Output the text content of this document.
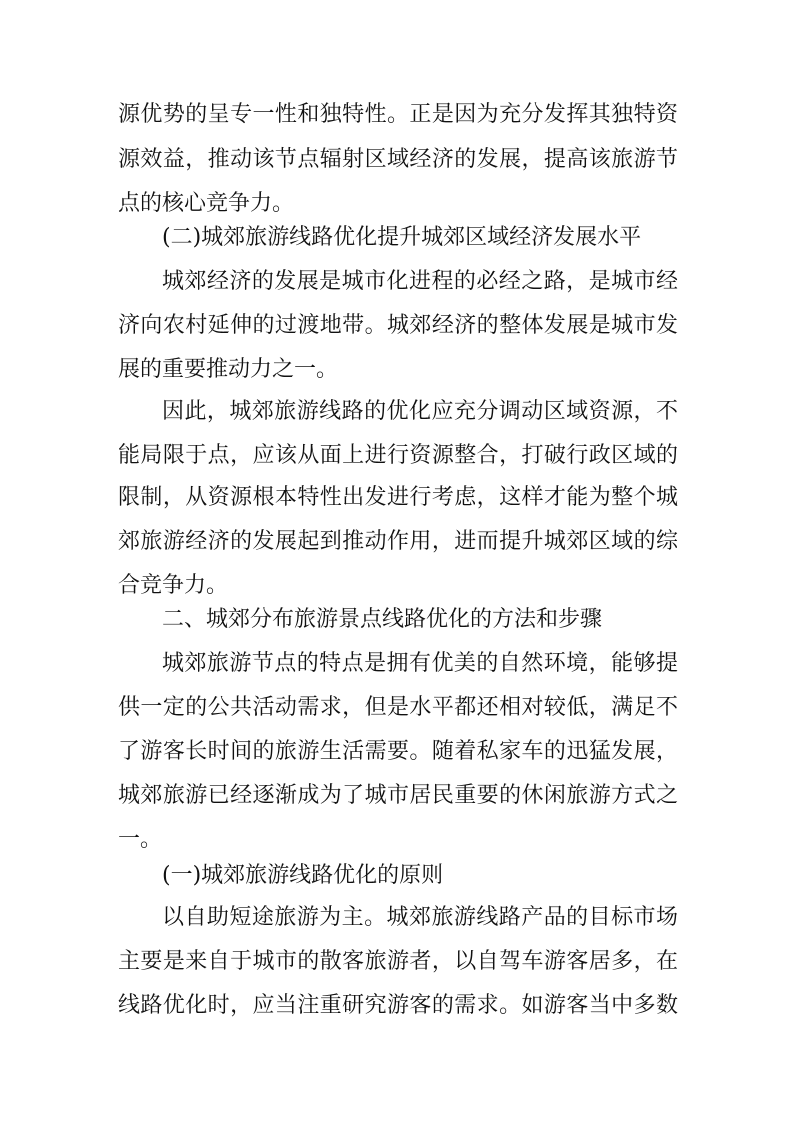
源优势的呈专一性和独特性。正是因为充分发挥其独特资
源效益，推动该节点辐射区域经济的发展，提高该旅游节
点的核心竞争力。
(二)城郊旅游线路优化提升城郊区域经济发展水平
城郊经济的发展是城市化进程的必经之路，是城市经
济向农村延伸的过渡地带。城郊经济的整体发展是城市发
展的重要推动力之一。
因此，城郊旅游线路的优化应充分调动区域资源，不
能局限于点，应该从面上进行资源整合，打破行政区域的
限制，从资源根本特性出发进行考虑，这样才能为整个城
郊旅游经济的发展起到推动作用，进而提升城郊区域的综
合竞争力。
二、城郊分布旅游景点线路优化的方法和步骤
城郊旅游节点的特点是拥有优美的自然环境，能够提
供一定的公共活动需求，但是水平都还相对较低，满足不
了游客长时间的旅游生活需要。随着私家车的迅猛发展，
城郊旅游已经逐渐成为了城市居民重要的休闲旅游方式之
一。
(一)城郊旅游线路优化的原则
以自助短途旅游为主。城郊旅游线路产品的目标市场
主要是来自于城市的散客旅游者，以自驾车游客居多，在
线路优化时，应当注重研究游客的需求。如游客当中多数
